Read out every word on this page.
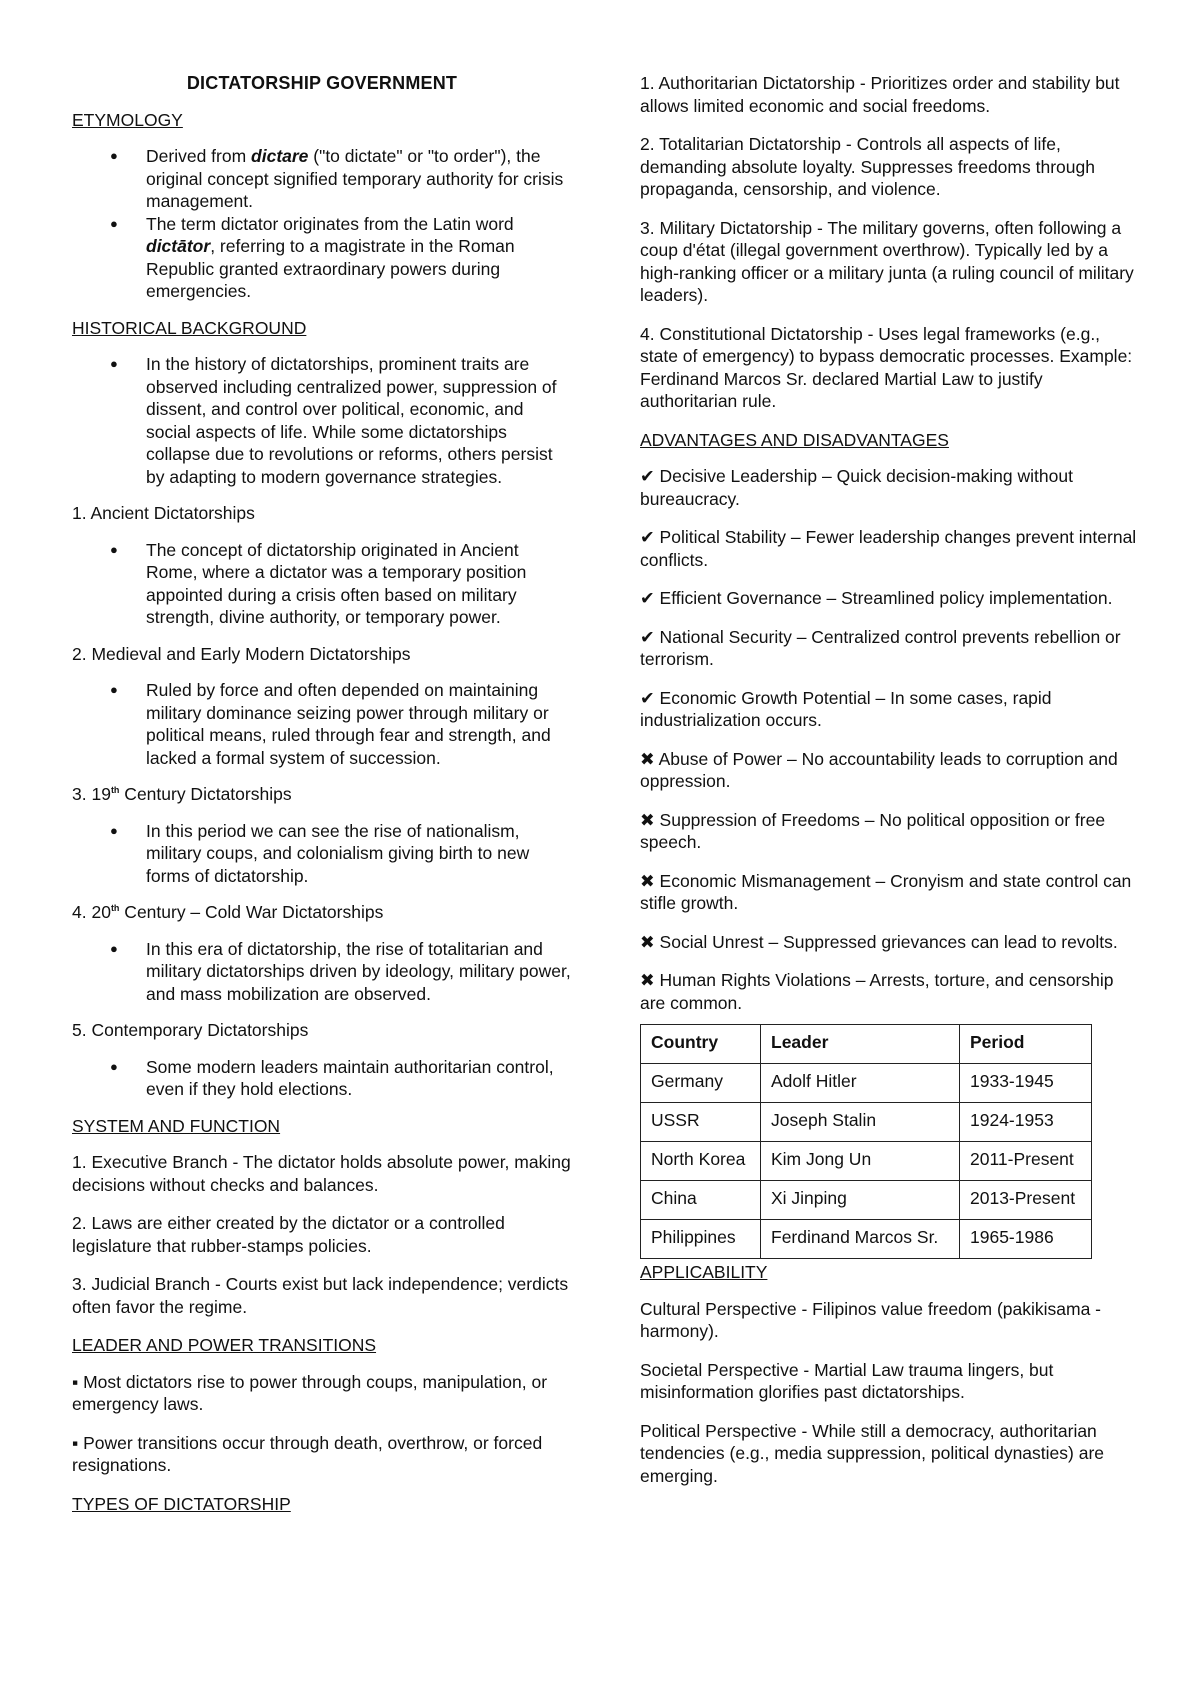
DICTATORSHIP GOVERNMENT
ETYMOLOGY
● Derived from dictare ("to dictate" or "to order"), the original concept signified temporary authority for crisis management.
● The term dictator originates from the Latin word dictātor, referring to a magistrate in the Roman Republic granted extraordinary powers during emergencies.
HISTORICAL BACKGROUND
● In the history of dictatorships, prominent traits are observed including centralized power, suppression of dissent, and control over political, economic, and social aspects of life. While some dictatorships collapse due to revolutions or reforms, others persist by adapting to modern governance strategies.
1. Ancient Dictatorships
● The concept of dictatorship originated in Ancient Rome, where a dictator was a temporary position appointed during a crisis often based on military strength, divine authority, or temporary power.
2. Medieval and Early Modern Dictatorships
● Ruled by force and often depended on maintaining military dominance seizing power through military or political means, ruled through fear and strength, and lacked a formal system of succession.
3. 19th Century Dictatorships
● In this period we can see the rise of nationalism, military coups, and colonialism giving birth to new forms of dictatorship.
4. 20th Century – Cold War Dictatorships
● In this era of dictatorship, the rise of totalitarian and military dictatorships driven by ideology, military power, and mass mobilization are observed.
5. Contemporary Dictatorships
● Some modern leaders maintain authoritarian control, even if they hold elections.
SYSTEM AND FUNCTION
1. Executive Branch - The dictator holds absolute power, making decisions without checks and balances.
2. Laws are either created by the dictator or a controlled legislature that rubber-stamps policies.
3. Judicial Branch - Courts exist but lack independence; verdicts often favor the regime.
LEADER AND POWER TRANSITIONS
▪ Most dictators rise to power through coups, manipulation, or emergency laws.
▪ Power transitions occur through death, overthrow, or forced resignations.
TYPES OF DICTATORSHIP
1. Authoritarian Dictatorship - Prioritizes order and stability but allows limited economic and social freedoms.
2. Totalitarian Dictatorship - Controls all aspects of life, demanding absolute loyalty. Suppresses freedoms through propaganda, censorship, and violence.
3. Military Dictatorship - The military governs, often following a coup d'état (illegal government overthrow). Typically led by a high-ranking officer or a military junta (a ruling council of military leaders).
4. Constitutional Dictatorship - Uses legal frameworks (e.g., state of emergency) to bypass democratic processes. Example: Ferdinand Marcos Sr. declared Martial Law to justify authoritarian rule.
ADVANTAGES AND DISADVANTAGES
✔ Decisive Leadership – Quick decision-making without bureaucracy.
✔ Political Stability – Fewer leadership changes prevent internal conflicts.
✔ Efficient Governance – Streamlined policy implementation.
✔ National Security – Centralized control prevents rebellion or terrorism.
✔ Economic Growth Potential – In some cases, rapid industrialization occurs.
✖ Abuse of Power – No accountability leads to corruption and oppression.
✖ Suppression of Freedoms – No political opposition or free speech.
✖ Economic Mismanagement – Cronyism and state control can stifle growth.
✖ Social Unrest – Suppressed grievances can lead to revolts.
✖ Human Rights Violations – Arrests, torture, and censorship are common.
Country	Leader	Period
Germany	Adolf Hitler	1933-1945
USSR	Joseph Stalin	1924-1953
North Korea	Kim Jong Un	2011-Present
China	Xi Jinping	2013-Present
Philippines	Ferdinand Marcos Sr.	1965-1986
APPLICABILITY
Cultural Perspective - Filipinos value freedom (pakikisama - harmony).
Societal Perspective - Martial Law trauma lingers, but misinformation glorifies past dictatorships.
Political Perspective - While still a democracy, authoritarian tendencies (e.g., media suppression, political dynasties) are emerging.
